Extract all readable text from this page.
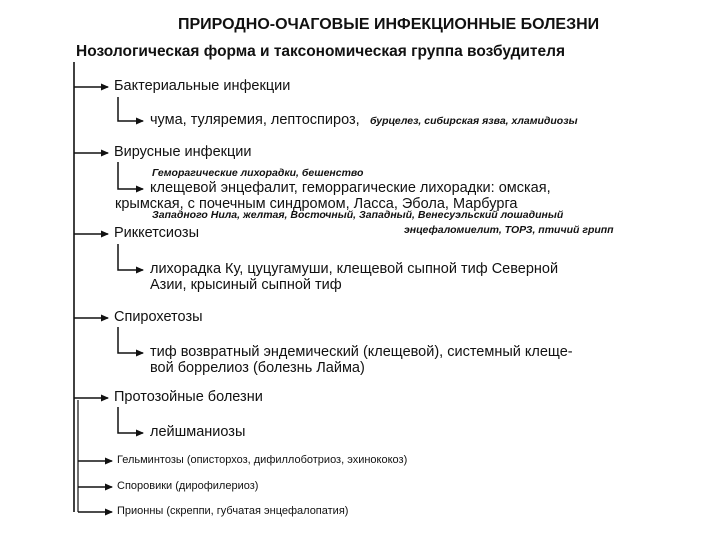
ПРИРОДНО-ОЧАГОВЫЕ ИНФЕКЦИОННЫЕ БОЛЕЗНИ
Нозологическая форма и таксономическая группа возбудителя
Бактериальные инфекции
чума, туляремия, лептоспироз, бурцелез, сибирская язва, хламидиозы
Вирусные инфекции
Геморагические лихорадки, бешенство
клещевой энцефалит, геморрагические лихорадки: омская,
крымская, с почечным синдромом, Ласса, Эбола, Марбурга
Западного Нила, желтая, Восточный, Западный, Венесуэльский лошадиный
энцефаломиелит, ТОРЗ, птичий грипп
Риккетсиозы
лихорадка Ку, цуцугамуши, клещевой сыпной тиф Северной
Азии, крысиный сыпной тиф
Спирохетозы
тиф возвратный эндемический (клещевой), системный клеще-
вой боррелиоз (болезнь Лайма)
Протозойные болезни
лейшманиозы
Гельминтозы (описторхоз, дифиллоботриоз, эхинококоз)
Споровики (дирофилериоз)
Прионны (скреппи, губчатая энцефалопатия)
